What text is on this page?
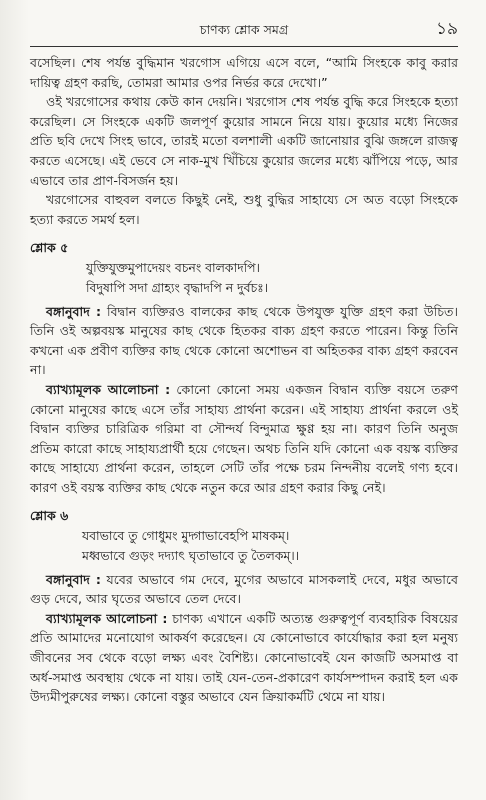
চাণক্য শ্লোক সমগ্র	১৯

বসেছিল। শেষ পর্যন্ত বুদ্ধিমান খরগোস এগিয়ে এসে বলে, “আমি সিংহকে কাবু করার দায়িত্ব গ্রহণ করছি, তোমরা আমার ওপর নির্ভর করে দেখো।”

ওই খরগোসের কথায় কেউ কান দেয়নি। খরগোস শেষ পর্যন্ত বুদ্ধি করে সিংহকে হত্যা করেছিল। সে সিংহকে একটি জলপূর্ণ কুয়োর সামনে নিয়ে যায়। কুয়োর মধ্যে নিজের প্রতি ছবি দেখে সিংহ ভাবে, তারই মতো বলশালী একটি জানোয়ার বুঝি জঙ্গলে রাজত্ব করতে এসেছে। এই ভেবে সে নাক-মুখ খিঁচিয়ে কুয়োর জলের মধ্যে ঝাঁপিয়ে পড়ে, আর এভাবে তার প্রাণ-বিসর্জন হয়।

খরগোসের বাহুবল বলতে কিছুই নেই, শুধু বুদ্ধির সাহায্যে সে অত বড়ো সিংহকে হত্যা করতে সমর্থ হল।

শ্লোক ৫
যুক্তিযুক্তমুপাদেয়ং বচনং বালকাদপি।
বিদুষাপি সদা গ্রাহ্যং বৃদ্ধাদপি ন দুর্বচঃ।

বঙ্গানুবাদ : বিদ্বান ব্যক্তিরও বালকের কাছ থেকে উপযুক্ত যুক্তি গ্রহণ করা উচিত। তিনি ওই অল্পবয়স্ক মানুষের কাছ থেকে হিতকর বাক্য গ্রহণ করতে পারেন। কিন্তু তিনি কখনো এক প্রবীণ ব্যক্তির কাছ থেকে কোনো অশোভন বা অহিতকর বাক্য গ্রহণ করবেন না।

ব্যাখ্যামূলক আলোচনা : কোনো কোনো সময় একজন বিদ্বান ব্যক্তি বয়সে তরুণ কোনো মানুষের কাছে এসে তাঁর সাহায্য প্রার্থনা করেন। এই সাহায্য প্রার্থনা করলে ওই বিদ্বান ব্যক্তির চারিত্রিক গরিমা বা সৌন্দর্য বিন্দুমাত্র ক্ষুণ্ণ হয় না। কারণ তিনি অনুজ প্রতিম কারো কাছে সাহায্যপ্রার্থী হয়ে গেছেন। অথচ তিনি যদি কোনো এক বয়স্ক ব্যক্তির কাছে সাহায্যে প্রার্থনা করেন, তাহলে সেটি তাঁর পক্ষে চরম নিন্দনীয় বলেই গণ্য হবে। কারণ ওই বয়স্ক ব্যক্তির কাছ থেকে নতুন করে আর গ্রহণ করার কিছু নেই।

শ্লোক ৬
যবাভাবে তু গোধুমং মুদ্গাভাবেহপি মাষকম্।
মধ্বভাবে গুড়ং দদ্যাৎ ঘৃতাভাবে তু তৈলকম্।।

বঙ্গানুবাদ : যবের অভাবে গম দেবে, মুগের অভাবে মাসকলাই দেবে, মধুর অভাবে গুড় দেবে, আর ঘৃতের অভাবে তেল দেবে।

ব্যাখ্যামূলক আলোচনা : চাণক্য এখানে একটি অত্যন্ত গুরুত্বপূর্ণ ব্যবহারিক বিষয়ের প্রতি আমাদের মনোযোগ আকর্ষণ করেছেন। যে কোনোভাবে কার্যোদ্ধার করা হল মনুষ্য জীবনের সব থেকে বড়ো লক্ষ্য এবং বৈশিষ্ট্য। কোনোভাবেই যেন কাজটি অসমাপ্ত বা অর্ধ-সমাপ্ত অবস্থায় থেকে না যায়। তাই যেন-তেন-প্রকারেণ কার্যসম্পাদন করাই হল এক উদ্যমীপুরুষের লক্ষ্য। কোনো বস্তুর অভাবে যেন ক্রিয়াকর্মটি থেমে না যায়।
